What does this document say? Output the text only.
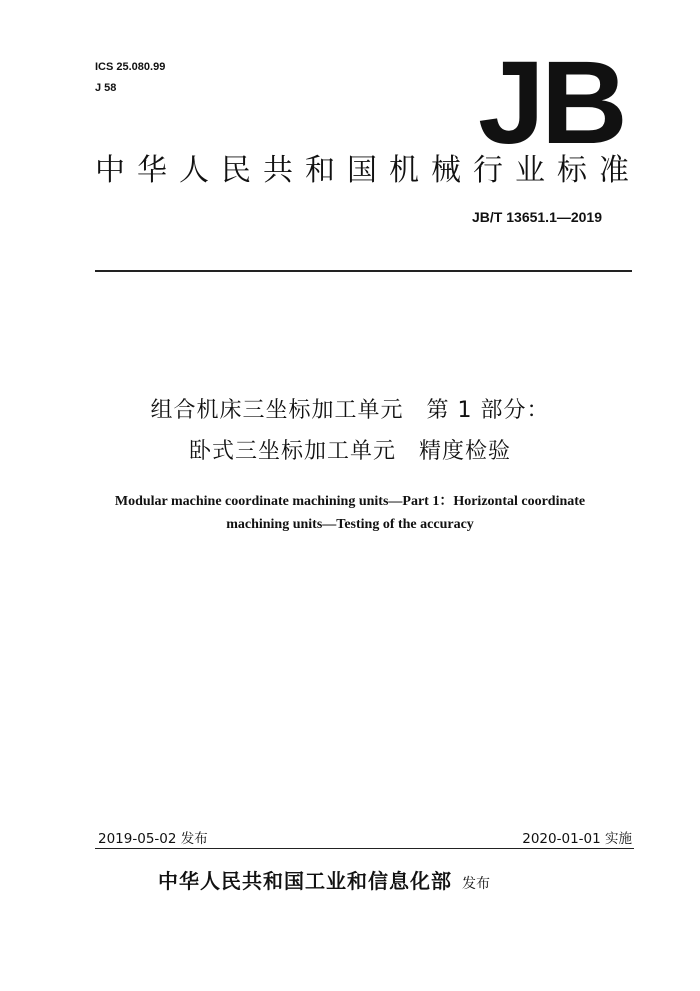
ICS 25.080.99
J 58	JB
中华人民共和国机械行业标准
JB/T 13651.1—2019
组合机床三坐标加工单元　第 1 部分：
卧式三坐标加工单元　精度检验
Modular machine coordinate machining units—Part 1：Horizontal coordinate
machining units—Testing of the accuracy
2019-05-02 发布	2020-01-01 实施
中华人民共和国工业和信息化部 发布
